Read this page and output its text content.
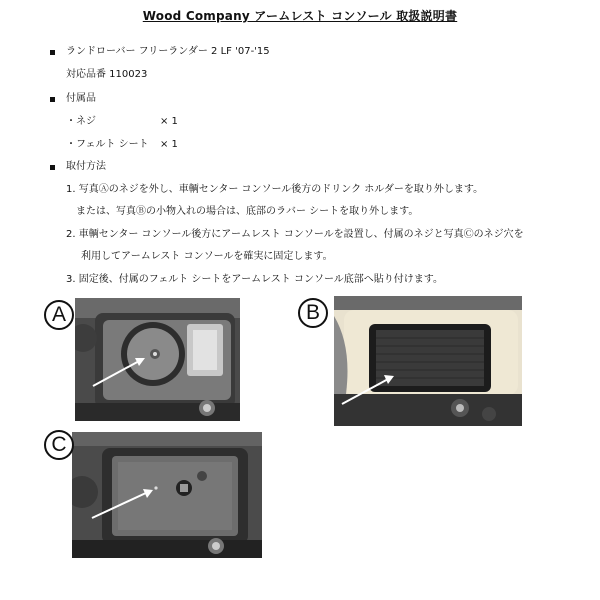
Wood Company アームレスト コンソール 取扱説明書
ランドローバー フリーランダー 2 LF '07-'15
対応品番 110023
付属品
・ネジ	× 1
・フェルト シート × 1
取付方法
1. 写真Ⓐのネジを外し、車輌センター コンソール後方のドリンク ホルダーを取り外します。
または、写真Ⓑの小物入れの場合は、底部のラバー シートを取り外します。
2. 車輌センター コンソール後方にアームレスト コンソールを設置し、付属のネジと写真Ⓒのネジ穴を
利用してアームレスト コンソールを確実に固定します。
3. 固定後、付属のフェルト シートをアームレスト コンソール底部へ貼り付けます。
A	B
C
